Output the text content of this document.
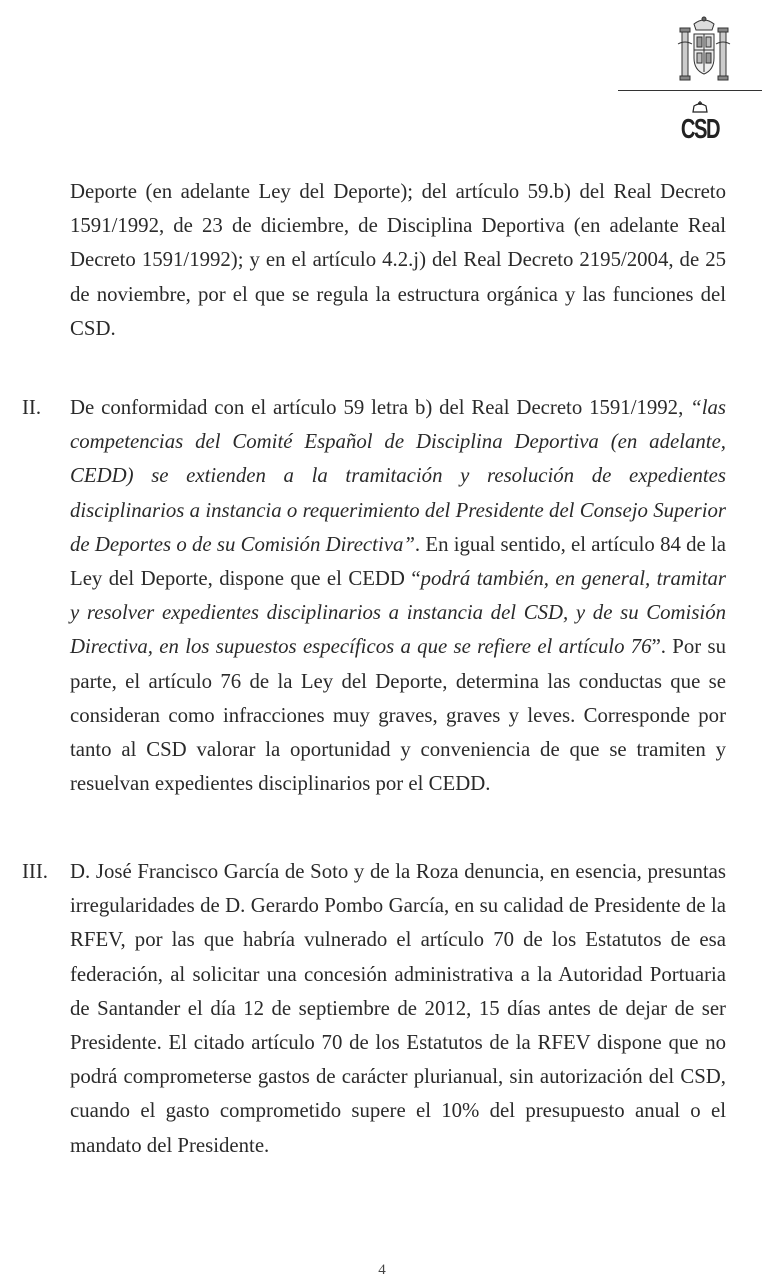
CSD

Deporte (en adelante Ley del Deporte); del artículo 59.b) del Real Decreto 1591/1992, de 23 de diciembre, de Disciplina Deportiva (en adelante Real Decreto 1591/1992); y en el artículo 4.2.j) del Real Decreto 2195/2004, de 25 de noviembre, por el que se regula la estructura orgánica y las funciones del CSD.

II. De conformidad con el artículo 59 letra b) del Real Decreto 1591/1992, “las competencias del Comité Español de Disciplina Deportiva (en adelante, CEDD) se extienden a la tramitación y resolución de expedientes disciplinarios a instancia o requerimiento del Presidente del Consejo Superior de Deportes o de su Comisión Directiva”. En igual sentido, el artículo 84 de la Ley del Deporte, dispone que el CEDD “podrá también, en general, tramitar y resolver expedientes disciplinarios a instancia del CSD, y de su Comisión Directiva, en los supuestos específicos a que se refiere el artículo 76”. Por su parte, el artículo 76 de la Ley del Deporte, determina las conductas que se consideran como infracciones muy graves, graves y leves. Corresponde por tanto al CSD valorar la oportunidad y conveniencia de que se tramiten y resuelvan expedientes disciplinarios por el CEDD.

III. D. José Francisco García de Soto y de la Roza denuncia, en esencia, presuntas irregularidades de D. Gerardo Pombo García, en su calidad de Presidente de la RFEV, por las que habría vulnerado el artículo 70 de los Estatutos de esa federación, al solicitar una concesión administrativa a la Autoridad Portuaria de Santander el día 12 de septiembre de 2012, 15 días antes de dejar de ser Presidente. El citado artículo 70 de los Estatutos de la RFEV dispone que no podrá comprometerse gastos de carácter plurianual, sin autorización del CSD, cuando el gasto comprometido supere el 10% del presupuesto anual o el mandato del Presidente.

4
